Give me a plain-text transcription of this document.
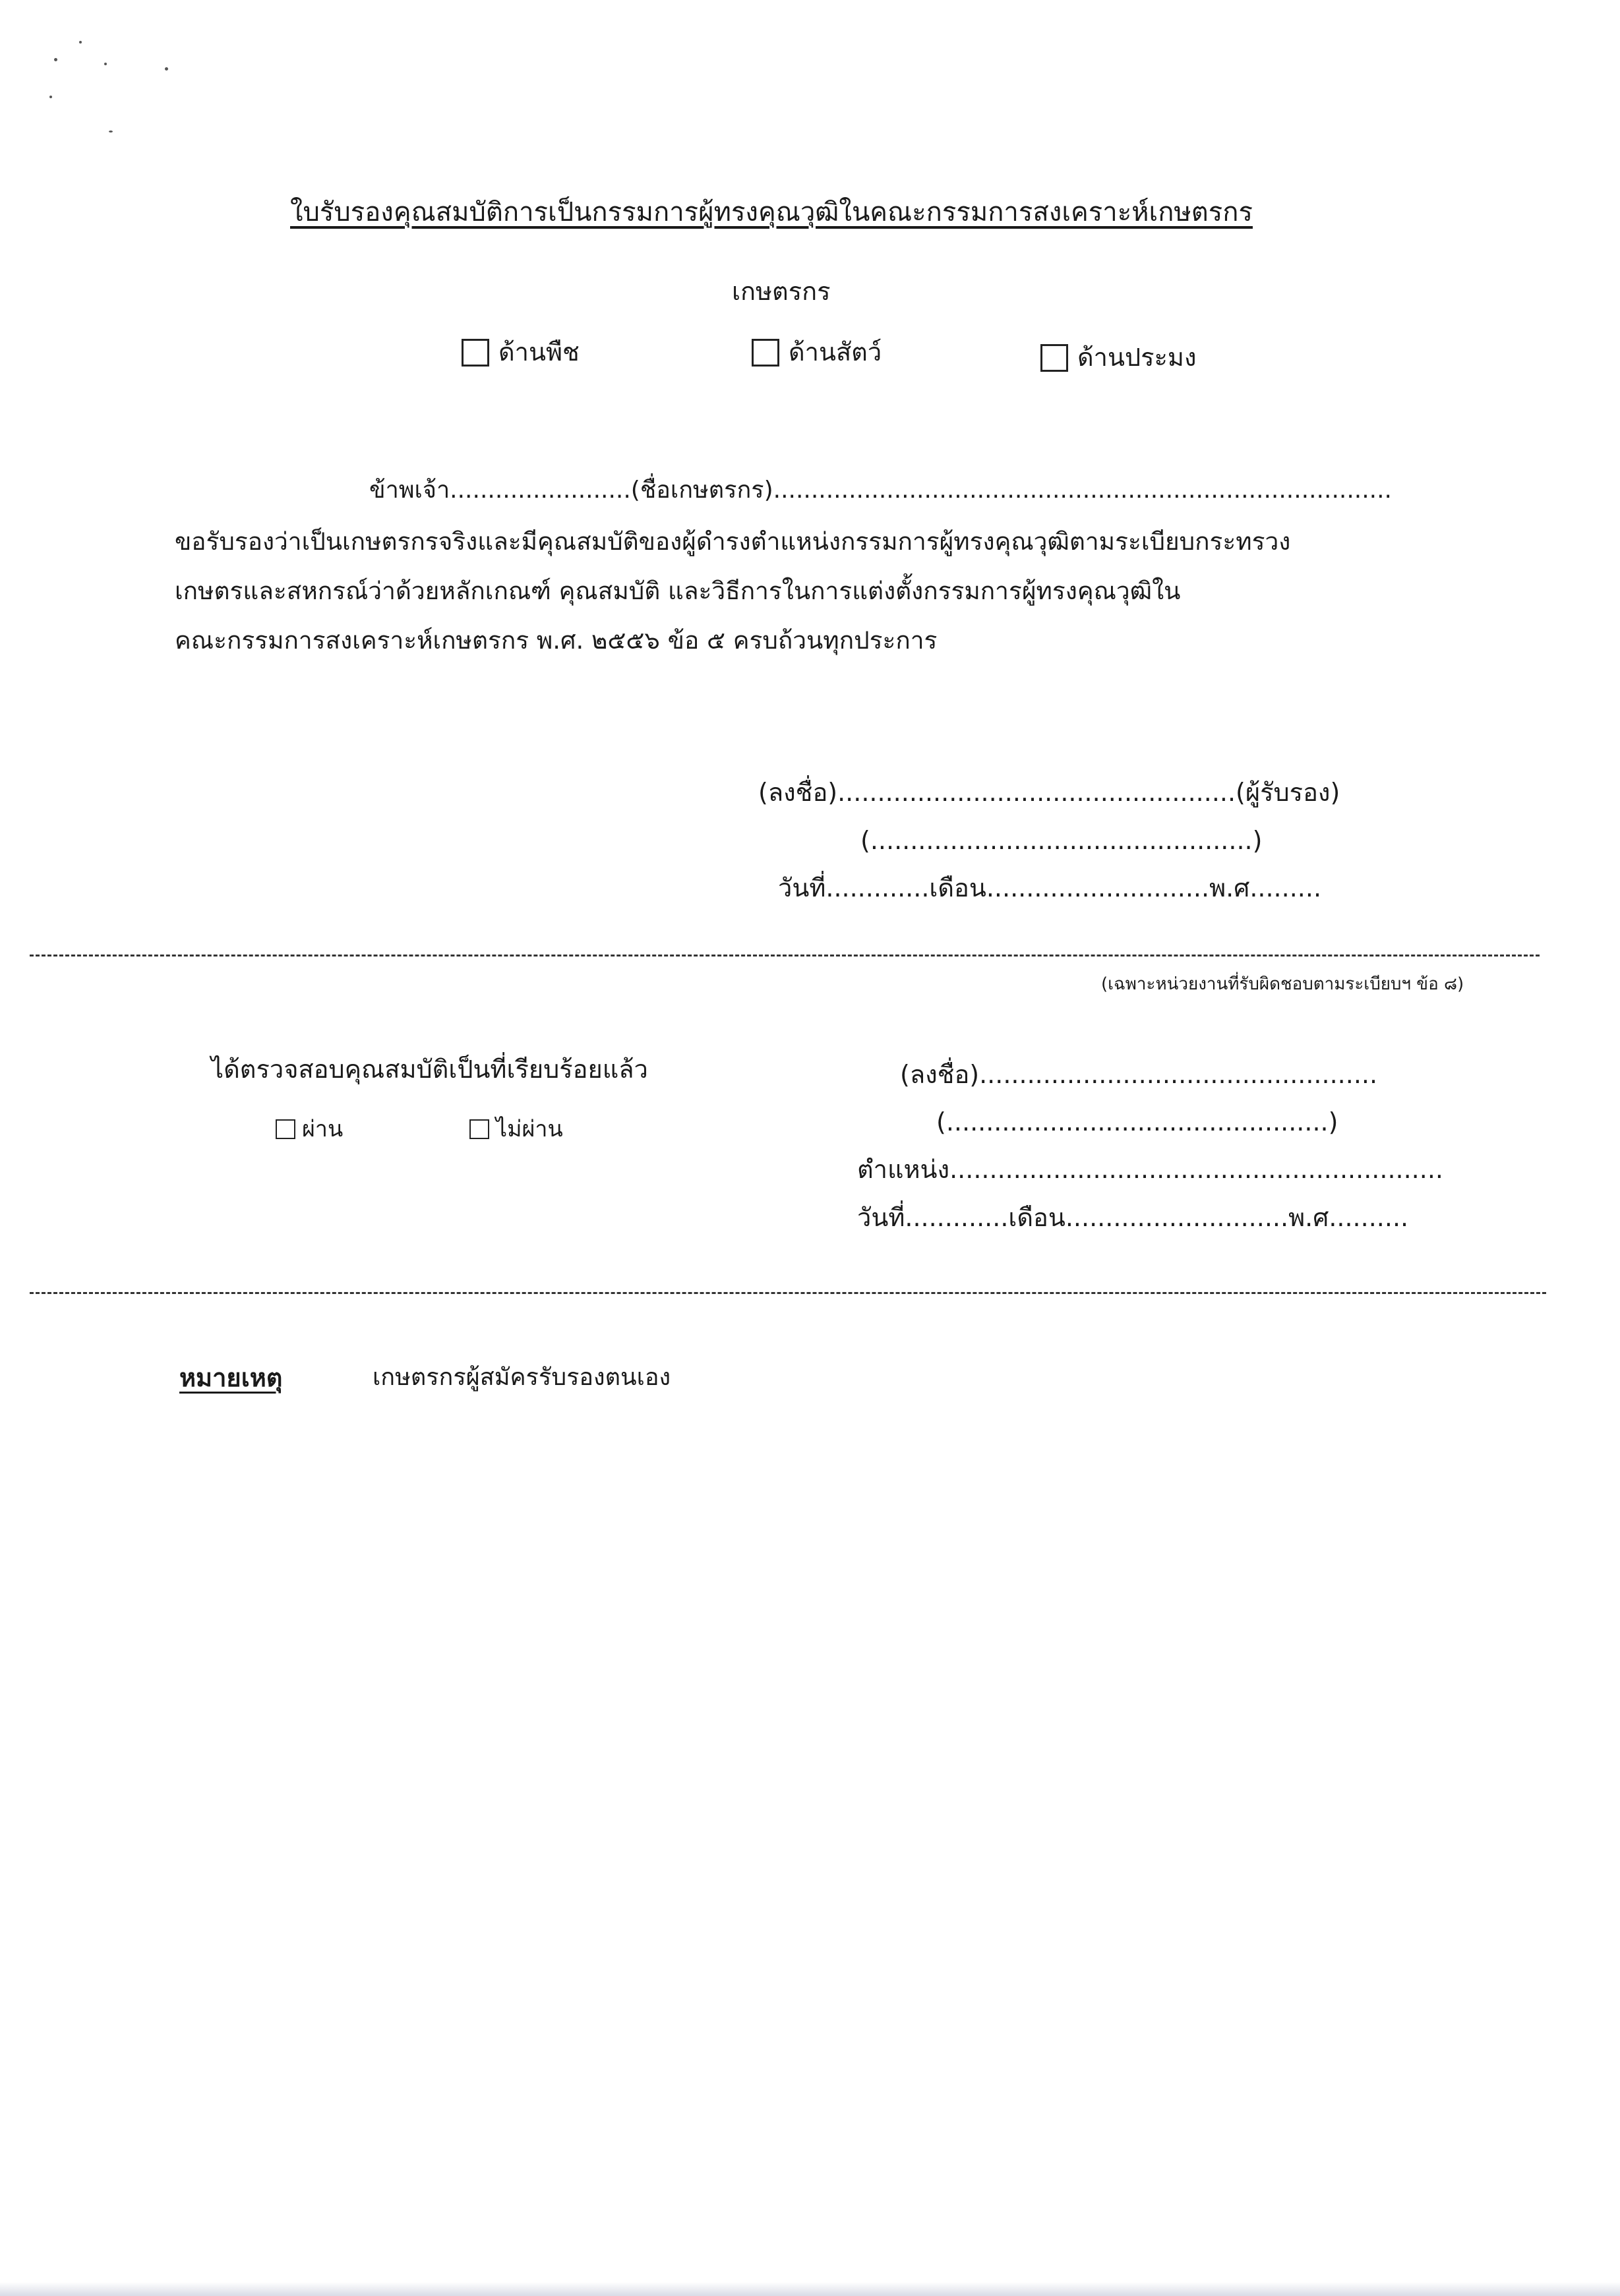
ใบรับรองคุณสมบัติการเป็นกรรมการผู้ทรงคุณวุฒิในคณะกรรมการสงเคราะห์เกษตรกร
เกษตรกร
ด้านพืช	ด้านสัตว์	ด้านประมง
ข้าพเจ้า........................(ชื่อเกษตรกร)..................................................................................
ขอรับรองว่าเป็นเกษตรกรจริงและมีคุณสมบัติของผู้ดำรงตำแหน่งกรรมการผู้ทรงคุณวุฒิตามระเบียบกระทรวง
เกษตรและสหกรณ์ว่าด้วยหลักเกณฑ์ คุณสมบัติ และวิธีการในการแต่งตั้งกรรมการผู้ทรงคุณวุฒิใน
คณะกรรมการสงเคราะห์เกษตรกร พ.ศ. ๒๕๕๖ ข้อ ๕ ครบถ้วนทุกประการ
(ลงชื่อ)..................................................(ผู้รับรอง)
(................................................)
วันที่.............เดือน............................พ.ศ.........
(เฉพาะหน่วยงานที่รับผิดชอบตามระเบียบฯ ข้อ ๘)
ได้ตรวจสอบคุณสมบัติเป็นที่เรียบร้อยแล้ว
ผ่าน	ไม่ผ่าน
(ลงชื่อ)..................................................
(................................................)
ตำแหน่ง..............................................................
วันที่.............เดือน............................พ.ศ..........
หมายเหตุ	เกษตรกรผู้สมัครรับรองตนเอง
